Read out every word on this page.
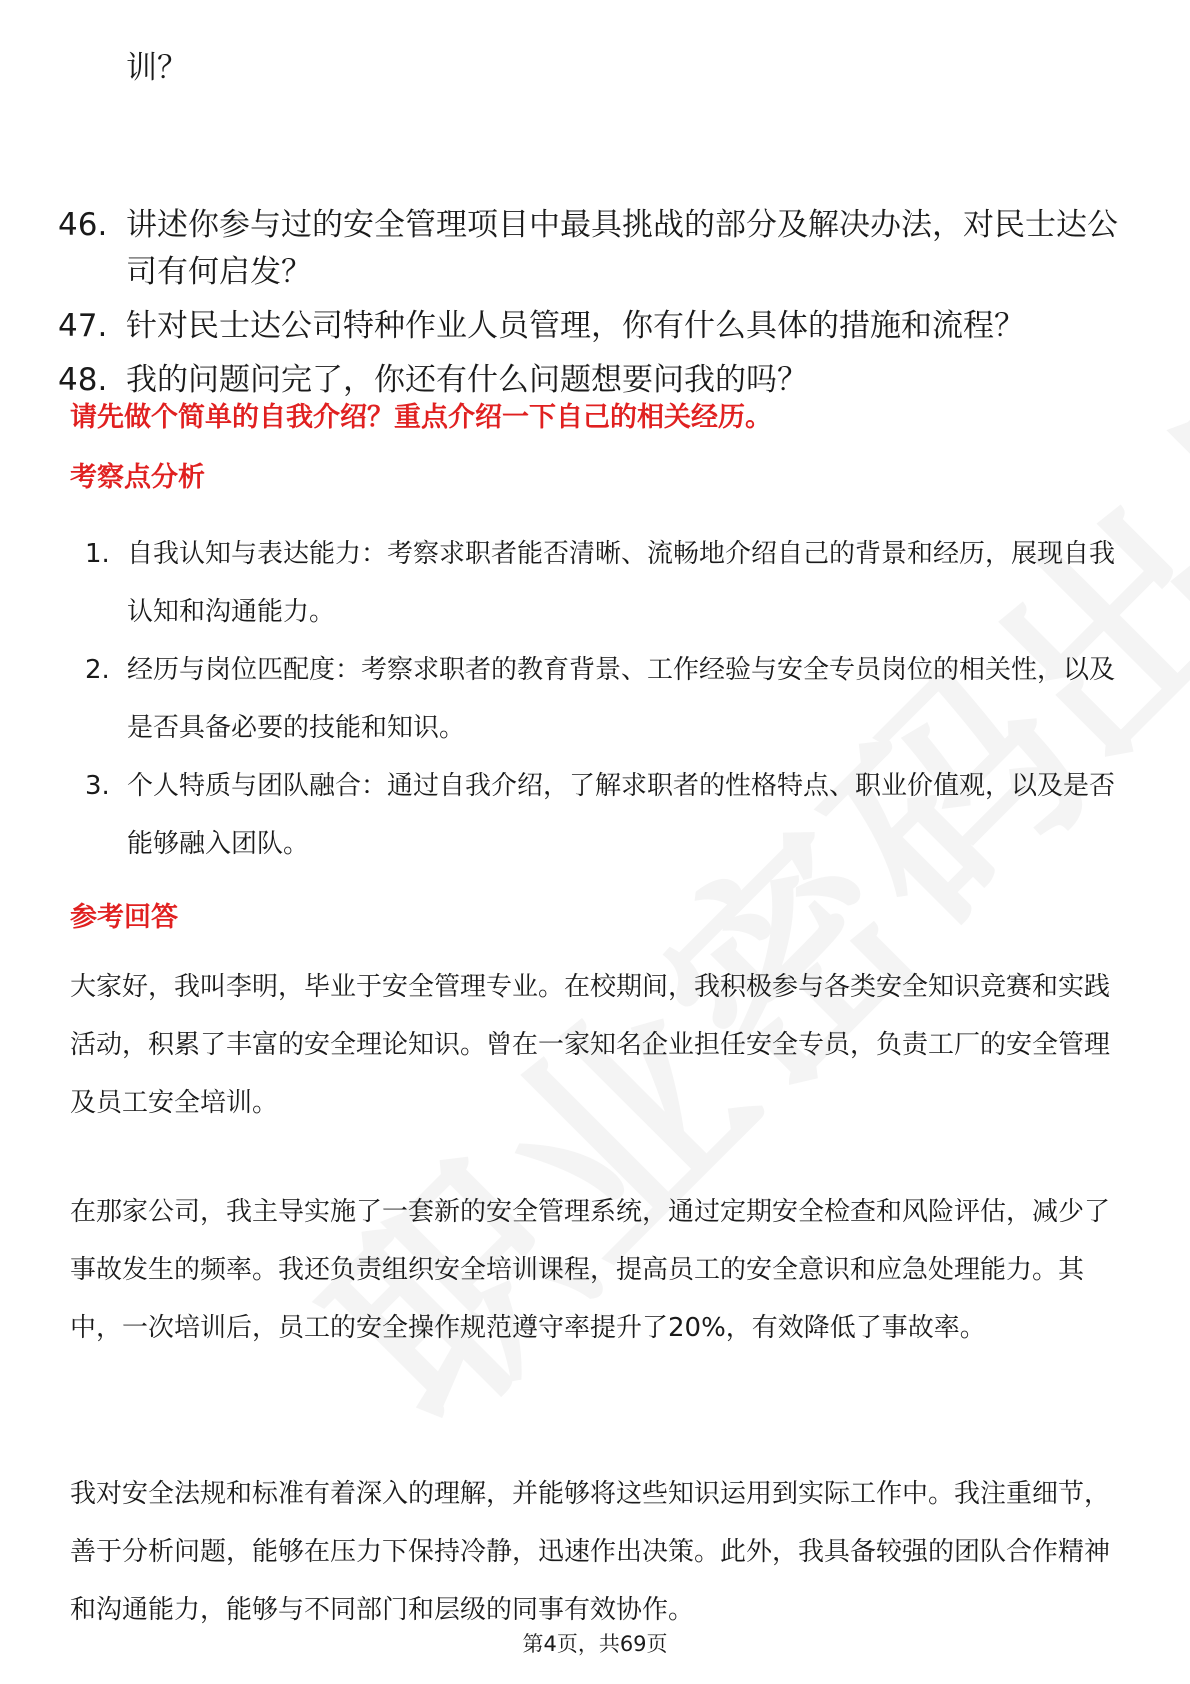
训？
46. 讲述你参与过的安全管理项目中最具挑战的部分及解决办法，对民士达公司有何启发？
47. 针对民士达公司特种作业人员管理，你有什么具体的措施和流程？
48. 我的问题问完了，你还有什么问题想要问我的吗？
请先做个简单的自我介绍？重点介绍一下自己的相关经历。
考察点分析
1. 自我认知与表达能力：考察求职者能否清晰、流畅地介绍自己的背景和经历，展现自我认知和沟通能力。
2. 经历与岗位匹配度：考察求职者的教育背景、工作经验与安全专员岗位的相关性，以及是否具备必要的技能和知识。
3. 个人特质与团队融合：通过自我介绍，了解求职者的性格特点、职业价值观，以及是否能够融入团队。
参考回答
大家好，我叫李明，毕业于安全管理专业。在校期间，我积极参与各类安全知识竞赛和实践活动，积累了丰富的安全理论知识。曾在一家知名企业担任安全专员，负责工厂的安全管理及员工安全培训。
在那家公司，我主导实施了一套新的安全管理系统，通过定期安全检查和风险评估，减少了事故发生的频率。我还负责组织安全培训课程，提高员工的安全意识和应急处理能力。其中，一次培训后，员工的安全操作规范遵守率提升了20%，有效降低了事故率。
我对安全法规和标准有着深入的理解，并能够将这些知识运用到实际工作中。我注重细节，善于分析问题，能够在压力下保持冷静，迅速作出决策。此外，我具备较强的团队合作精神和沟通能力，能够与不同部门和层级的同事有效协作。
第4页，共69页
